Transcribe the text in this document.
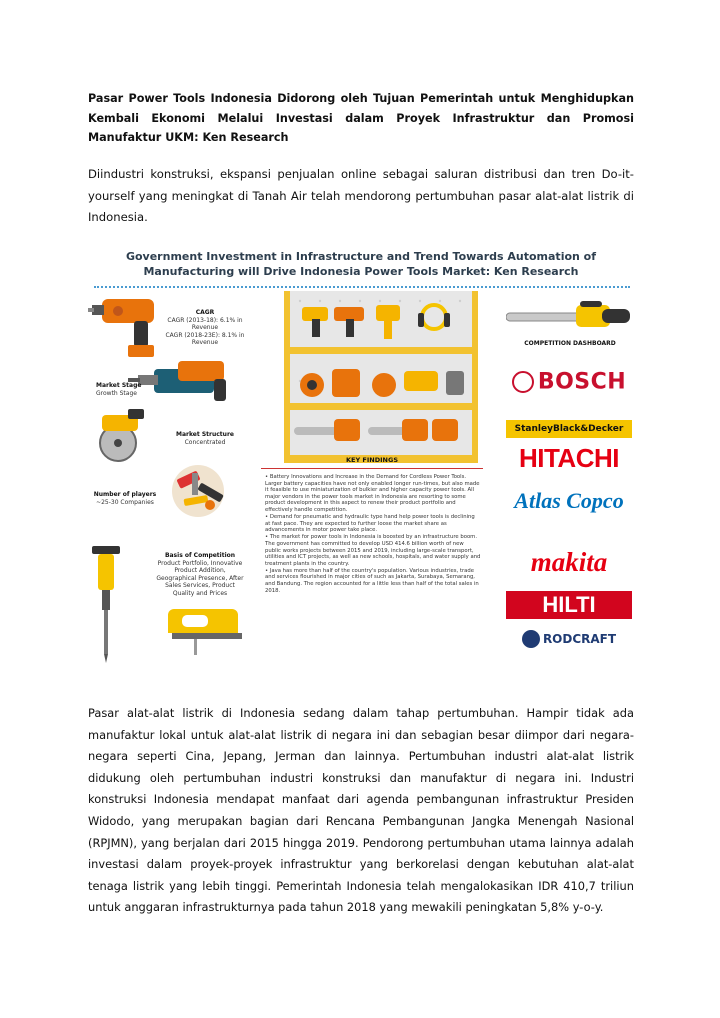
Pasar Power Tools Indonesia Didorong oleh Tujuan Pemerintah untuk Menghidupkan Kembali Ekonomi Melalui Investasi dalam Proyek Infrastruktur dan Promosi Manufaktur UKM: Ken Research
Diindustri konstruksi, ekspansi penjualan online sebagai saluran distribusi dan tren Do-it-yourself yang meningkat di Tanah Air telah mendorong pertumbuhan pasar alat-alat listrik di Indonesia.
Government Investment in Infrastructure and Trend Towards Automation of
Manufacturing will Drive Indonesia Power Tools Market: Ken Research
CAGR
CAGR (2013-18): 6.1% in Revenue
CAGR (2018-23E): 8.1% in Revenue
Market Stage
Growth Stage
Market Structure
Concentrated
Number of players
~25-30 Companies
Basis of Competition
Product Portfolio, Innovative Product Addition, Geographical Presence, After Sales Services, Product Quality and Prices
KEY FINDINGS

• Battery Innovations and Increase in the Demand for Cordless Power Tools. Larger battery capacities have not only enabled longer run-times, but also made it feasible to use miniaturization of bulkier and higher capacity power tools. All major vendors in the power tools market in Indonesia are resorting to some product development in this aspect to renew their product portfolio and effectively handle competition.

• Demand for pneumatic and hydraulic type hand help power tools is declining at fast pace. They are expected to further loose the market share as advancements in motor power take place.

• The market for power tools in Indonesia is boosted by an infrastructure boom. The government has committed to develop USD 414.6 billion worth of new public works projects between 2015 and 2019, including large-scale transport, utilities and ICT projects, as well as new schools, hospitals, and water supply and treatment plants in the country.

• Java has more than half of the country's population. Various industries, trade and services flourished in major cities of such as Jakarta, Surabaya, Semarang, and Bandung. The region accounted for a little less than half of the total sales in 2018.

COMPETITION DASHBOARD
BOSCH
StanleyBlack&Decker
HITACHI
Atlas Copco
makita
HILTI
RODCRAFT
Pasar alat-alat listrik di Indonesia sedang dalam tahap pertumbuhan. Hampir tidak ada manufaktur lokal untuk alat-alat listrik di negara ini dan sebagian besar diimpor dari negara-negara seperti Cina, Jepang, Jerman dan lainnya. Pertumbuhan industri alat-alat listrik didukung oleh pertumbuhan industri konstruksi dan manufaktur di negara ini. Industri konstruksi Indonesia mendapat manfaat dari agenda pembangunan infrastruktur Presiden Widodo, yang merupakan bagian dari Rencana Pembangunan Jangka Menengah Nasional (RPJMN), yang berjalan dari 2015 hingga 2019. Pendorong pertumbuhan utama lainnya adalah investasi dalam proyek-proyek infrastruktur yang berkorelasi dengan kebutuhan alat-alat tenaga listrik yang lebih tinggi. Pemerintah Indonesia telah mengalokasikan IDR 410,7 triliun untuk anggaran infrastrukturnya pada tahun 2018 yang mewakili peningkatan 5,8% y-o-y.
